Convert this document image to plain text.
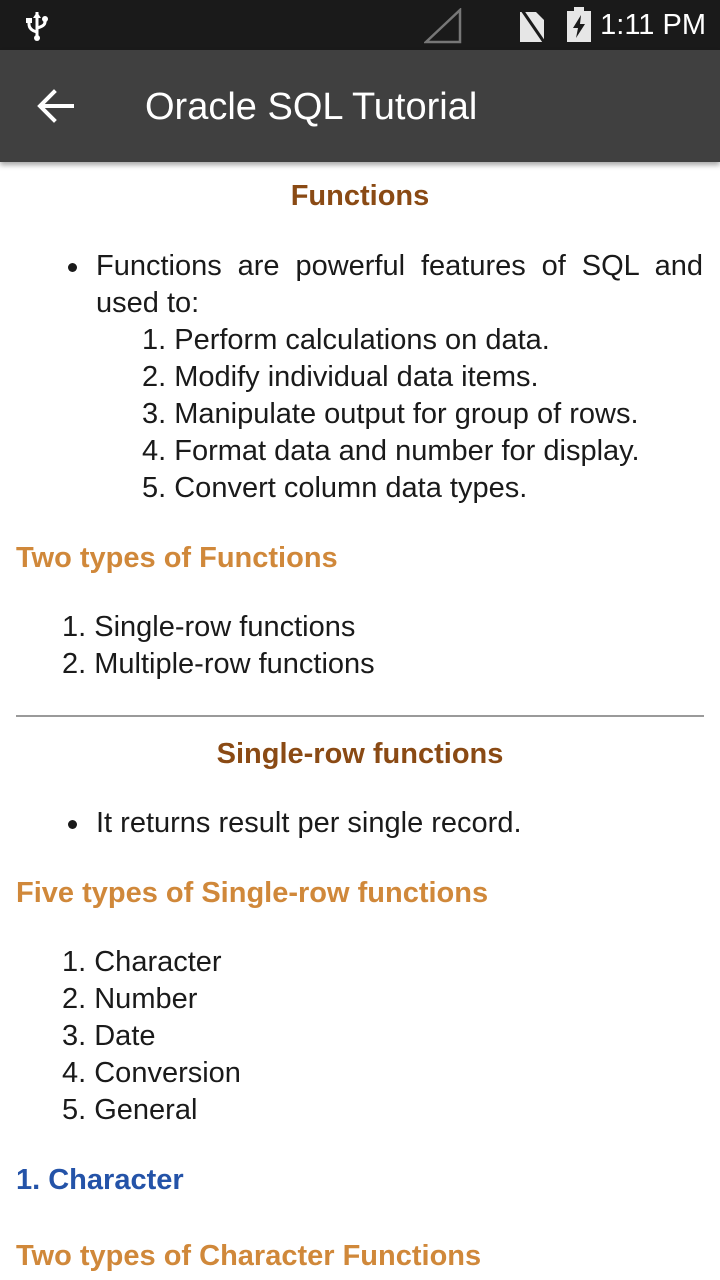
1:11 PM
Oracle SQL Tutorial
Functions
Functions are powerful features of SQL and used to:
1. Perform calculations on data.
2. Modify individual data items.
3. Manipulate output for group of rows.
4. Format data and number for display.
5. Convert column data types.
Two types of Functions
1. Single-row functions
2. Multiple-row functions
Single-row functions
It returns result per single record.
Five types of Single-row functions
1. Character
2. Number
3. Date
4. Conversion
5. General
1. Character
Two types of Character Functions
